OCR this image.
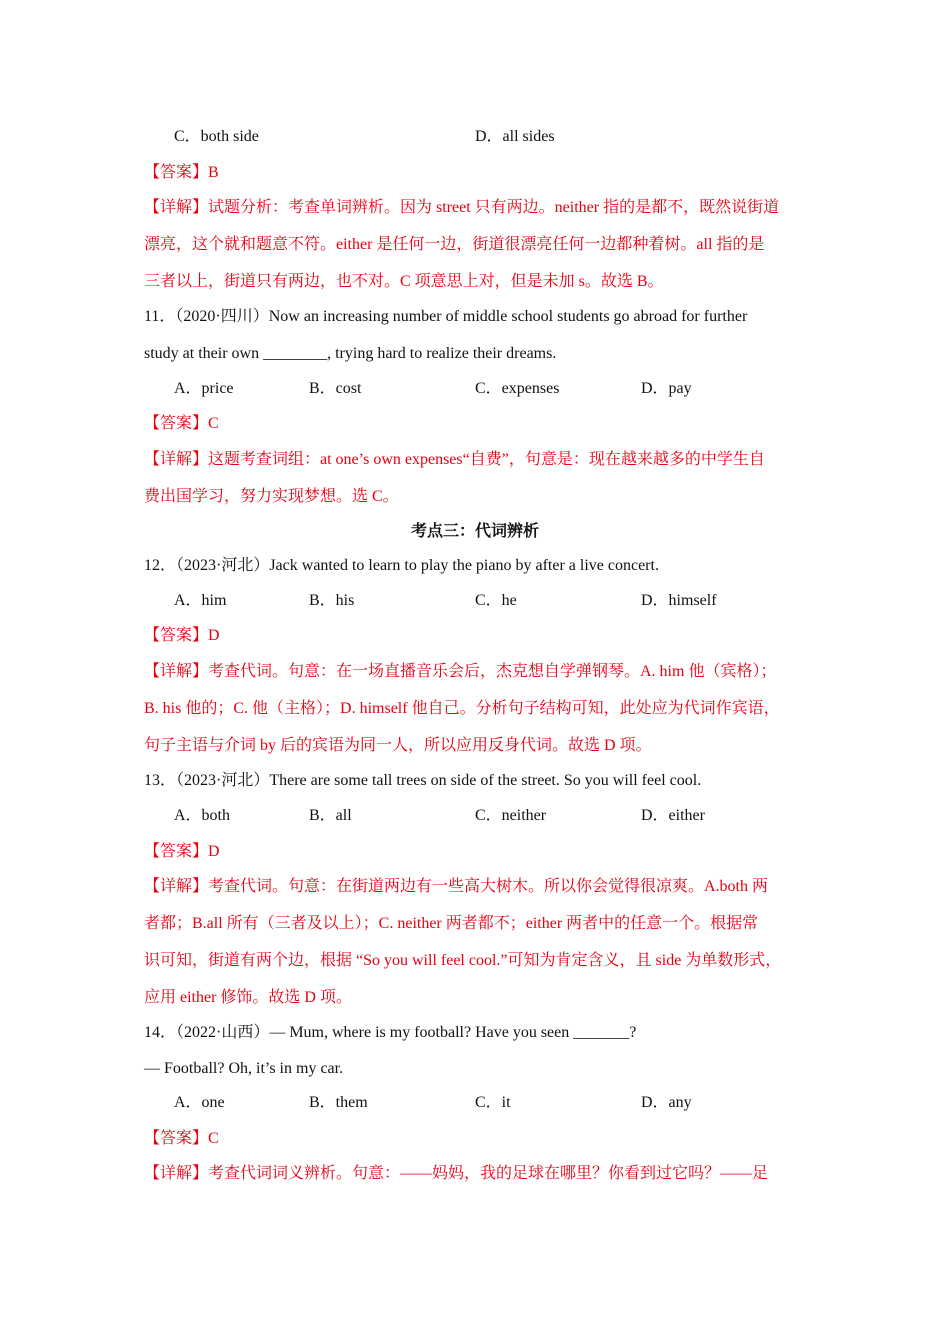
C．both side	D．all sides
【答案】B
【详解】试题分析：考查单词辨析。因为 street 只有两边。neither 指的是都不，既然说街道
漂亮，这个就和题意不符。either 是任何一边，街道很漂亮任何一边都种着树。all 指的是
三者以上，街道只有两边，也不对。C 项意思上对，但是未加 s。故选 B。
11．（2020·四川）Now an increasing number of middle school students go abroad for further
study at their own ________, trying hard to realize their dreams.
A．price	B．cost	C．expenses	D．pay
【答案】C
【详解】这题考查词组：at one’s own expenses“自费”，句意是：现在越来越多的中学生自
费出国学习，努力实现梦想。选 C。
考点三：代词辨析
12．（2023·河北）Jack wanted to learn to play the piano by after a live concert.
A．him	B．his	C．he	D．himself
【答案】D
【详解】考查代词。句意：在一场直播音乐会后，杰克想自学弹钢琴。A. him 他（宾格）；
B. his 他的；C. 他（主格）；D. himself 他自己。分析句子结构可知，此处应为代词作宾语，
句子主语与介词 by 后的宾语为同一人，所以应用反身代词。故选 D 项。
13．（2023·河北）There are some tall trees on side of the street. So you will feel cool.
A．both	B．all	C．neither	D．either
【答案】D
【详解】考查代词。句意：在街道两边有一些高大树木。所以你会觉得很凉爽。A.both 两
者都；B.all 所有（三者及以上）；C. neither 两者都不；either 两者中的任意一个。根据常
识可知，街道有两个边，根据 “So you will feel cool.”可知为肯定含义，且 side 为单数形式，
应用 either 修饰。故选 D 项。
14．（2022·山西）— Mum, where is my football? Have you seen _______?
— Football? Oh, it’s in my car.
A．one	B．them	C．it	D．any
【答案】C
【详解】考查代词词义辨析。句意：——妈妈，我的足球在哪里？你看到过它吗？——足
